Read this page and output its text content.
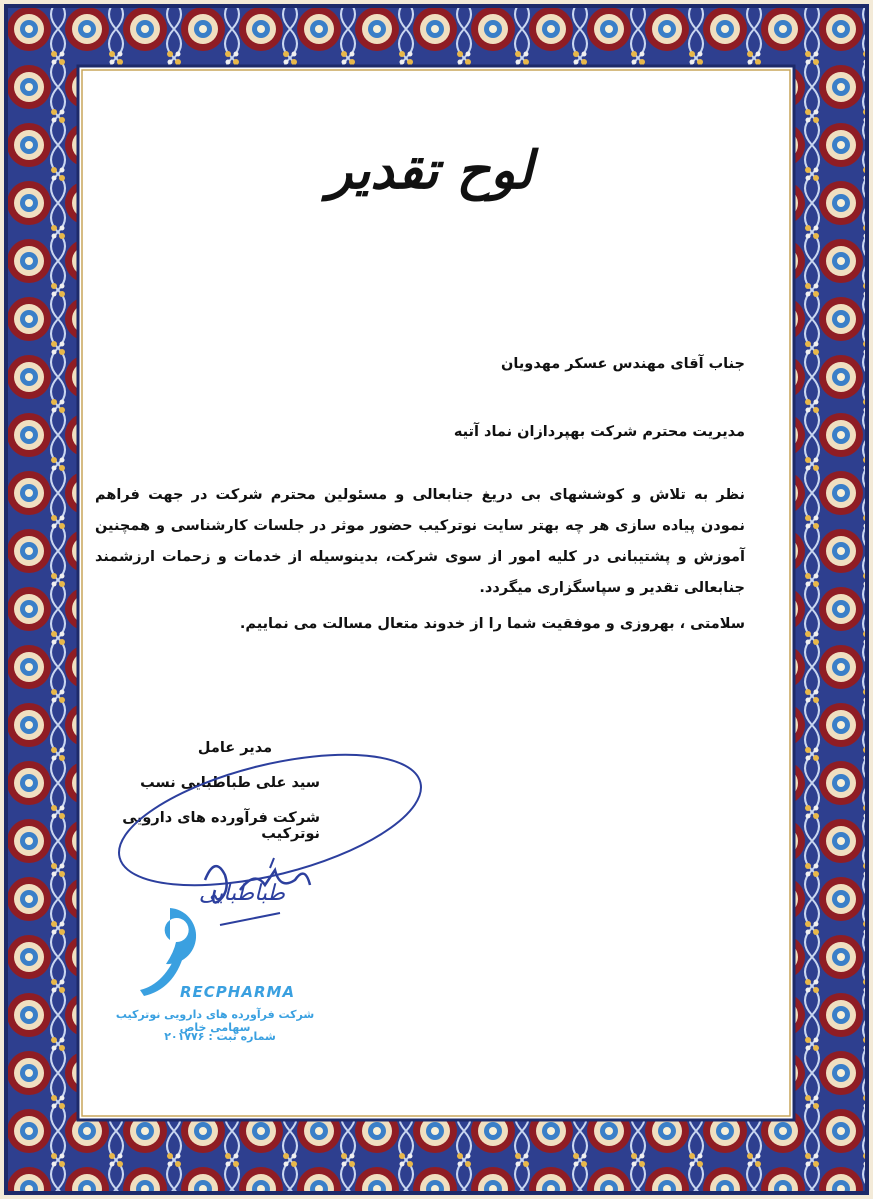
لوح تقدیر
جناب آقای مهندس عسکر مهدویان
مدیریت محترم شرکت بهپردازان نماد آتیه
نظر به تلاش و کوششهای بی دریغ جنابعالی و مسئولین محترم شرکت در جهت فراهم نمودن پیاده سازی هر چه بهتر سایت نوترکیب حضور موثر در جلسات کارشناسی و همچنین آموزش و پشتیبانی در کلیه امور از سوی شرکت، بدینوسیله از خدمات و زحمات ارزشمند جنابعالی تقدیر و سپاسگزاری میگردد.
سلامتی ، بهروزی و موفقیت شما را از خدوند متعال مسالت می نماییم.
مدیر عامل
سید علی طباطبایی نسب
شرکت فرآورده های دارویی نوترکیب
طباطبایی
RECPHARMA
شرکت فرآورده های دارویی نوترکیب سهامی خاص
شماره ثبت : ۲۰۱۷۷۶
